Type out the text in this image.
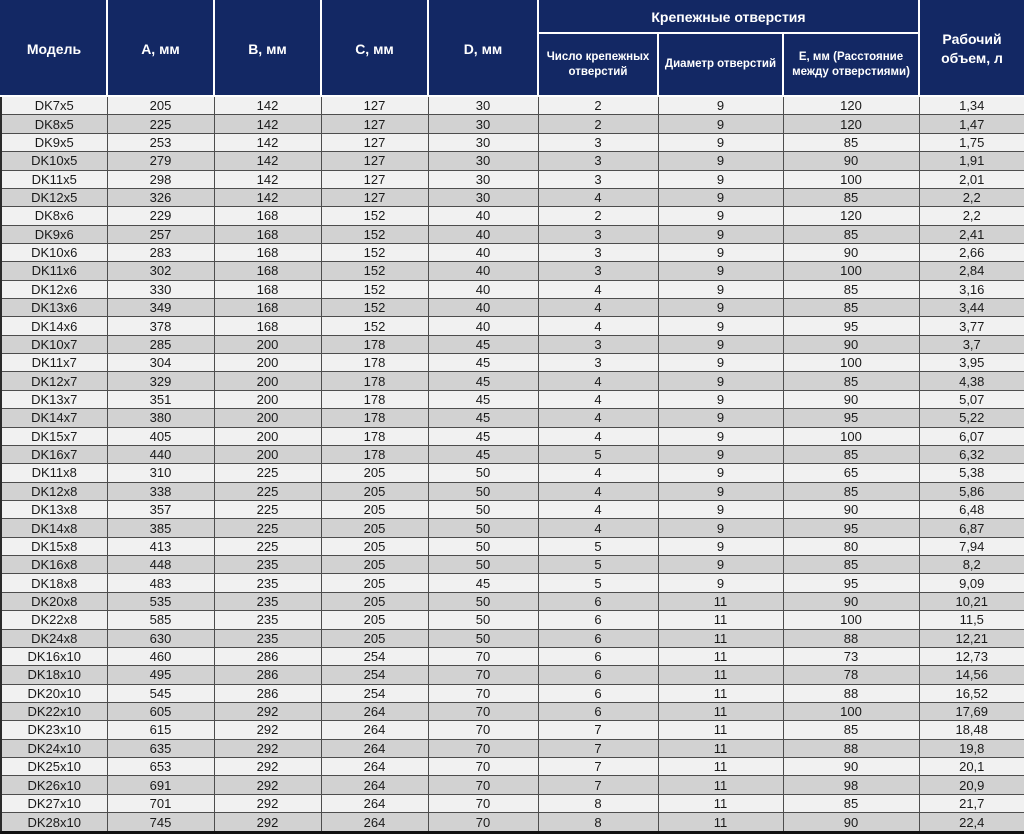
Модель	A, мм	B, мм	C, мм	D, мм	Крепежные отверстия			Рабочий объем, л
					Число крепежных отверстий	Диаметр отверстий	E, мм (Расстояние между отверстиями)	
DK7x5	205	142	127	30	2	9	120	1,34
DK8x5	225	142	127	30	2	9	120	1,47
DK9x5	253	142	127	30	3	9	85	1,75
DK10x5	279	142	127	30	3	9	90	1,91
DK11x5	298	142	127	30	3	9	100	2,01
DK12x5	326	142	127	30	4	9	85	2,2
DK8x6	229	168	152	40	2	9	120	2,2
DK9x6	257	168	152	40	3	9	85	2,41
DK10x6	283	168	152	40	3	9	90	2,66
DK11x6	302	168	152	40	3	9	100	2,84
DK12x6	330	168	152	40	4	9	85	3,16
DK13x6	349	168	152	40	4	9	85	3,44
DK14x6	378	168	152	40	4	9	95	3,77
DK10x7	285	200	178	45	3	9	90	3,7
DK11x7	304	200	178	45	3	9	100	3,95
DK12x7	329	200	178	45	4	9	85	4,38
DK13x7	351	200	178	45	4	9	90	5,07
DK14x7	380	200	178	45	4	9	95	5,22
DK15x7	405	200	178	45	4	9	100	6,07
DK16x7	440	200	178	45	5	9	85	6,32
DK11x8	310	225	205	50	4	9	65	5,38
DK12x8	338	225	205	50	4	9	85	5,86
DK13x8	357	225	205	50	4	9	90	6,48
DK14x8	385	225	205	50	4	9	95	6,87
DK15x8	413	225	205	50	5	9	80	7,94
DK16x8	448	235	205	50	5	9	85	8,2
DK18x8	483	235	205	45	5	9	95	9,09
DK20x8	535	235	205	50	6	11	90	10,21
DK22x8	585	235	205	50	6	11	100	11,5
DK24x8	630	235	205	50	6	11	88	12,21
DK16x10	460	286	254	70	6	11	73	12,73
DK18x10	495	286	254	70	6	11	78	14,56
DK20x10	545	286	254	70	6	11	88	16,52
DK22x10	605	292	264	70	6	11	100	17,69
DK23x10	615	292	264	70	7	11	85	18,48
DK24x10	635	292	264	70	7	11	88	19,8
DK25x10	653	292	264	70	7	11	90	20,1
DK26x10	691	292	264	70	7	11	98	20,9
DK27x10	701	292	264	70	8	11	85	21,7
DK28x10	745	292	264	70	8	11	90	22,4
